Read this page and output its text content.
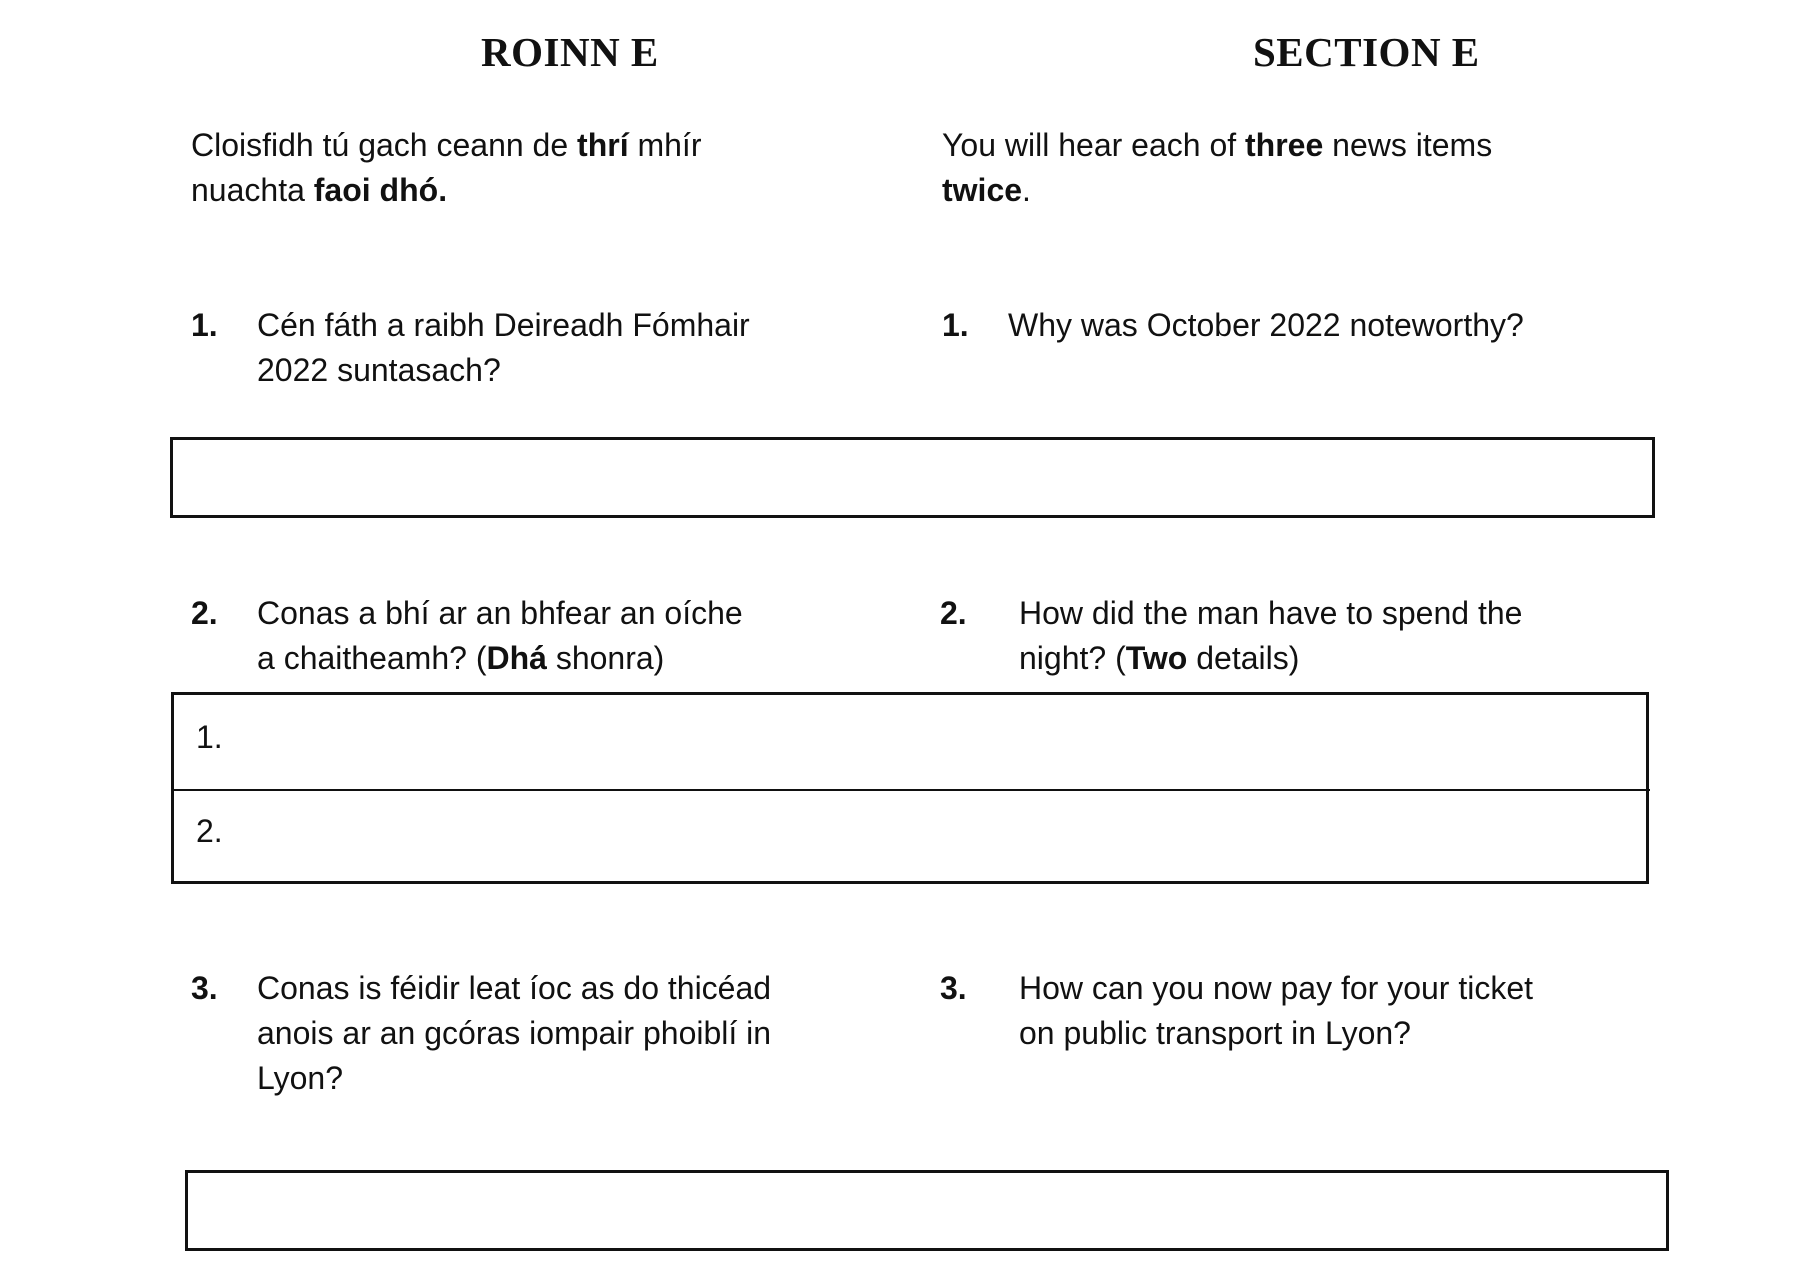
ROINN E	SECTION E
Cloisfidh tú gach ceann de thrí mhír nuachta faoi dhó.
You will hear each of three news items twice.
1. Cén fáth a raibh Deireadh Fómhair
2022 suntasach?
1. Why was October 2022 noteworthy?
2. Conas a bhí ar an bhfear an oíche
a chaitheamh? (Dhá shonra)
2. How did the man have to spend the
night? (Two details)
1.
2.
3. Conas is féidir leat íoc as do thicéad
anois ar an gcóras iompair phoiblí in
Lyon?
3. How can you now pay for your ticket
on public transport in Lyon?
